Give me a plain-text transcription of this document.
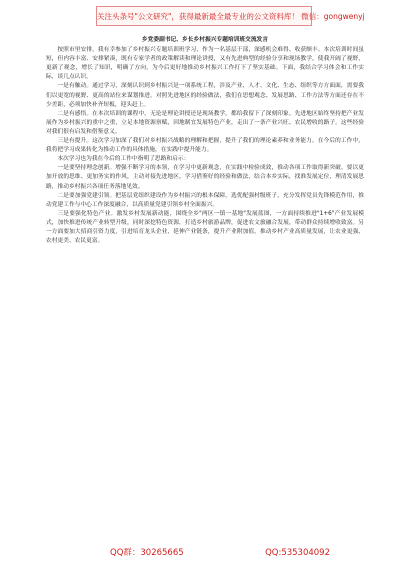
关注头条号"公文研究"，获得最新最全最专业的公文资料库！ 微信：gongwenyj
乡党委副书记、乡长乡村振兴专题培训班交流发言

按照市里安排，我有幸参加了乡村振兴专题培训班学习，作为一名基层干部，深感机会难得、收获颇丰。本次培训时间虽短，但内容丰富、安排紧凑，既有专家学者的政策解读和理论讲授，又有先进典型的经验分享和现场教学，使我开阔了视野，更新了观念，增长了知识，明确了方向，为今后更好地推动乡村振兴工作打下了坚实基础。下面，我结合学习体会和工作实际，谈几点认识。

一是有触动。通过学习，深刻认识到乡村振兴是一项系统工程，涉及产业、人才、文化、生态、组织等方方面面，需要我们以更宽的视野、更高的站位来谋划推进。对照先进地区的经验做法，我们在思想观念、发展思路、工作方法等方面还存在不少差距，必须加快补齐短板，迎头赶上。

二是有感悟。在本次培训的课程中，无论是理论讲授还是现场教学，都给我留下了深刻印象。先进地区始终坚持把产业发展作为乡村振兴的重中之重，立足本地资源禀赋，因地制宜发展特色产业，走出了一条产业兴旺、农民增收的路子。这些经验对我们很有启发和借鉴意义。

三是有提升。这次学习加深了我们对乡村振兴战略的理解和把握，提升了我们的理论素养和业务能力。在今后的工作中，我将把学习成果转化为推动工作的具体措施，在实践中提升能力。

本次学习也为我在今后的工作中指明了思路和启示：

一是要坚持理念创新。增强不断学习的本领，在学习中更新观念，在实践中检验成效，推动各项工作取得新突破。要以更加开放的思维、更加务实的作风，主动对接先进地区，学习借鉴好的经验和做法，结合本乡实际，找准发展定位，理清发展思路，推动乡村振兴各项任务落地见效。

二是要加强党建引领。把基层党组织建设作为乡村振兴的根本保障，选优配强村级班子，充分发挥党员先锋模范作用，推动党建工作与中心工作深度融合，以高质量党建引领乡村全面振兴。

三是要强化特色产业。激发乡村发展新动能，围绕全乡"两区一镇一基地"发展蓝图，一方面持续推进"1+6"产业发展模式，加快推进传统产业转型升级，同时深挖特色资源，打造乡村旅游品牌，促进农文旅融合发展，带动群众持续增收致富。另一方面要加大招商引资力度，引进培育龙头企业，延伸产业链条，提升产业附加值，推动乡村产业高质量发展，让农业更强、农村更美、农民更富。

QQ群：30265665	QQ:535304092
